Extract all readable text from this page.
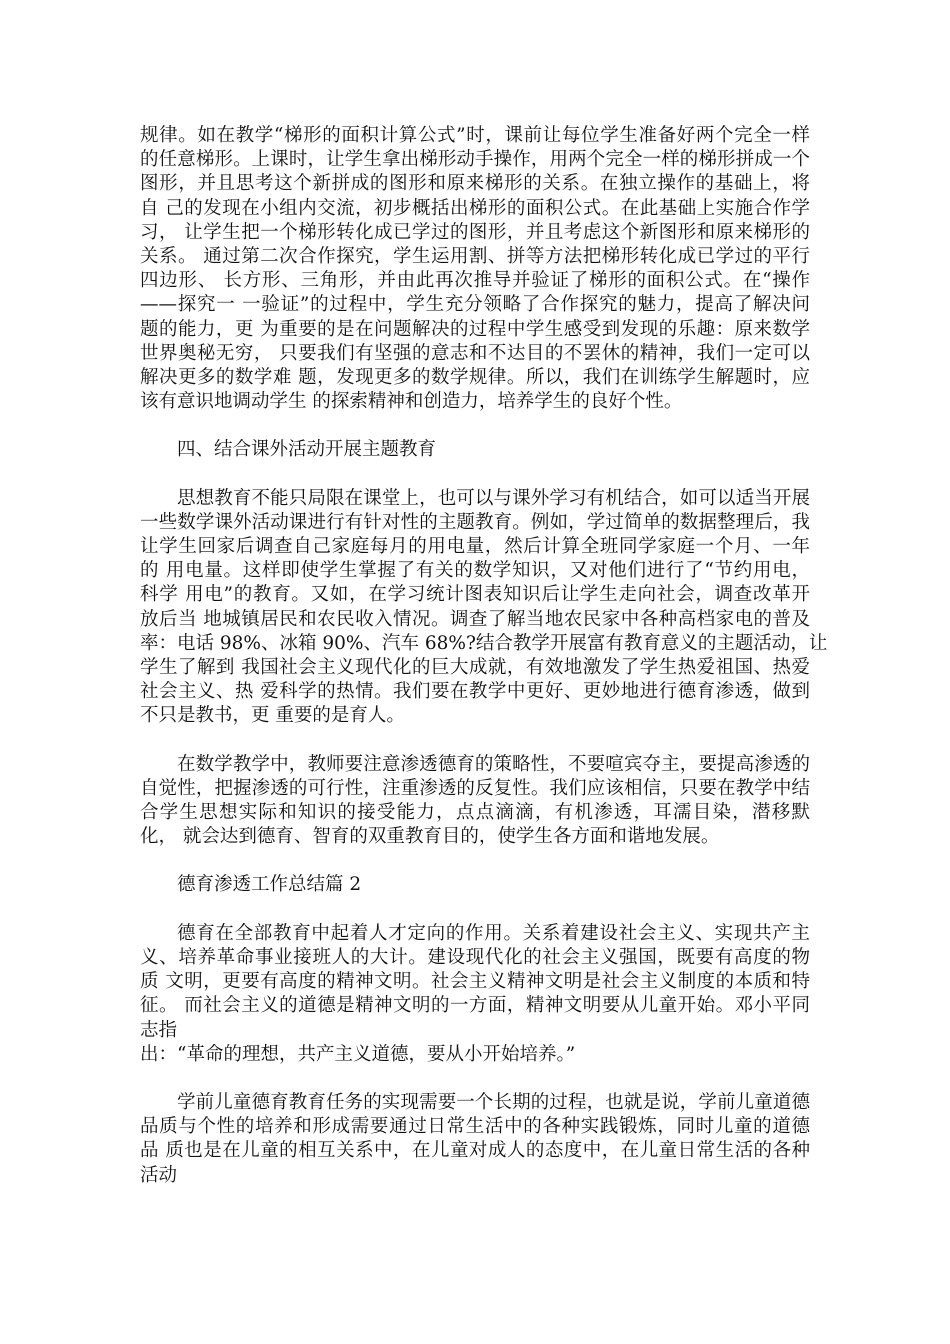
规律。如在教学“梯形的面积计算公式”时，课前让每位学生准备好两个完全一样
的任意梯形。上课时，让学生拿出梯形动手操作，用两个完全一样的梯形拼成一个
图形，并且思考这个新拼成的图形和原来梯形的关系。在独立操作的基础上，将
自 己的发现在小组内交流，初步概括出梯形的面积公式。在此基础上实施合作学
习， 让学生把一个梯形转化成已学过的图形，并且考虑这个新图形和原来梯形的
关系。 通过第二次合作探究，学生运用割、拼等方法把梯形转化成已学过的平行
四边形、 长方形、三角形，并由此再次推导并验证了梯形的面积公式。在“操作
——探究一 一验证”的过程中，学生充分领略了合作探究的魅力，提高了解决问
题的能力，更 为重要的是在问题解决的过程中学生感受到发现的乐趣：原来数学
世界奥秘无穷， 只要我们有坚强的意志和不达目的不罢休的精神，我们一定可以
解决更多的数学难 题，发现更多的数学规律。所以，我们在训练学生解题时，应
该有意识地调动学生 的探索精神和创造力，培养学生的良好个性。
四、结合课外活动开展主题教育
思想教育不能只局限在课堂上，也可以与课外学习有机结合，如可以适当开展
一些数学课外活动课进行有针对性的主题教育。例如，学过简单的数据整理后，我
让学生回家后调查自己家庭每月的用电量，然后计算全班同学家庭一个月、一年
的 用电量。这样即使学生掌握了有关的数学知识，又对他们进行了“节约用电，
科学 用电”的教育。又如，在学习统计图表知识后让学生走向社会，调查改革开
放后当 地城镇居民和农民收入情况。调查了解当地农民家中各种高档家电的普及
率：电话 98%、冰箱 90%、汽车 68%?结合教学开展富有教育意义的主题活动，让
学生了解到 我国社会主义现代化的巨大成就，有效地激发了学生热爱祖国、热爱
社会主义、热 爱科学的热情。我们要在教学中更好、更妙地进行德育渗透，做到
不只是教书，更 重要的是育人。
在数学教学中，教师要注意渗透德育的策略性，不要喧宾夺主，要提高渗透的
自觉性，把握渗透的可行性，注重渗透的反复性。我们应该相信，只要在教学中结
合学生思想实际和知识的接受能力，点点滴滴，有机渗透，耳濡目染，潜移默
化， 就会达到德育、智育的双重教育目的，使学生各方面和谐地发展。
德育渗透工作总结篇 2
德育在全部教育中起着人才定向的作用。关系着建设社会主义、实现共产主
义、培养革命事业接班人的大计。建设现代化的社会主义强国，既要有高度的物
质 文明，更要有高度的精神文明。社会主义精神文明是社会主义制度的本质和特
征。 而社会主义的道德是精神文明的一方面，精神文明要从儿童开始。邓小平同
志指
出：“革命的理想，共产主义道德，要从小开始培养。”
学前儿童德育教育任务的实现需要一个长期的过程，也就是说，学前儿童道德
品质与个性的培养和形成需要通过日常生活中的各种实践锻炼，同时儿童的道德
品 质也是在儿童的相互关系中，在儿童对成人的态度中，在儿童日常生活的各种
活动
